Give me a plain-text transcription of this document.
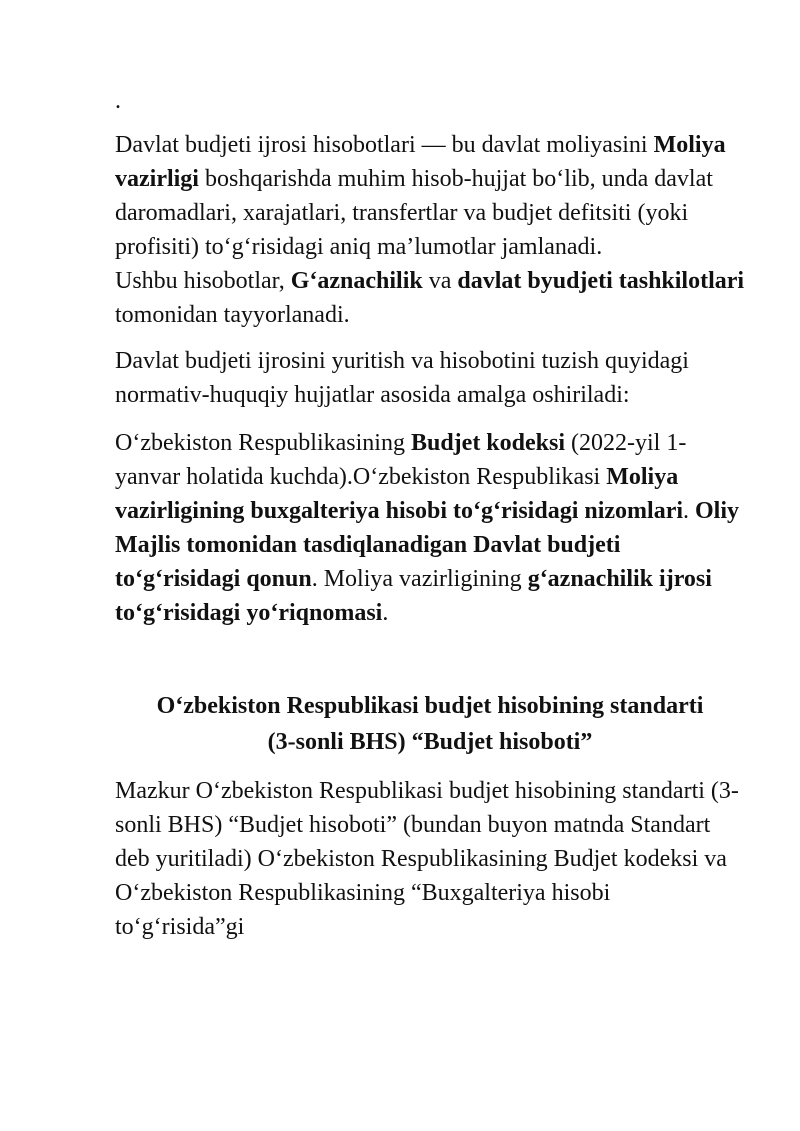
.

Davlat budjeti ijrosi hisobotlari — bu davlat moliyasini Moliya vazirligi boshqarishda muhim hisob-hujjat bo‘lib, unda davlat daromadlari, xarajatlari, transfertlar va budjet defitsiti (yoki profisiti) to‘g‘risidagi aniq ma’lumotlar jamlanadi.

Ushbu hisobotlar, G‘aznachilik va davlat byudjeti tashkilotlari tomonidan tayyorlanadi.

Davlat budjeti ijrosini yuritish va hisobotini tuzish quyidagi normativ-huquqiy hujjatlar asosida amalga oshiriladi:

O‘zbekiston Respublikasining Budjet kodeksi (2022-yil 1-yanvar holatida kuchda).O‘zbekiston Respublikasi Moliya vazirligining buxgalteriya hisobi to‘g‘risidagi nizomlari. Oliy Majlis tomonidan tasdiqlanadigan Davlat budjeti to‘g‘risidagi qonun. Moliya vazirligining g‘aznachilik ijrosi to‘g‘risidagi yo‘riqnomasi.

O‘zbekiston Respublikasi budjet hisobining standarti
(3-sonli BHS) “Budjet hisoboti”

Mazkur O‘zbekiston Respublikasi budjet hisobining standarti (3-sonli BHS) “Budjet hisoboti” (bundan buyon matnda Standart deb yuritiladi) O‘zbekiston Respublikasining Budjet kodeksi va O‘zbekiston Respublikasining “Buxgalteriya hisobi to‘g‘risida”gi
